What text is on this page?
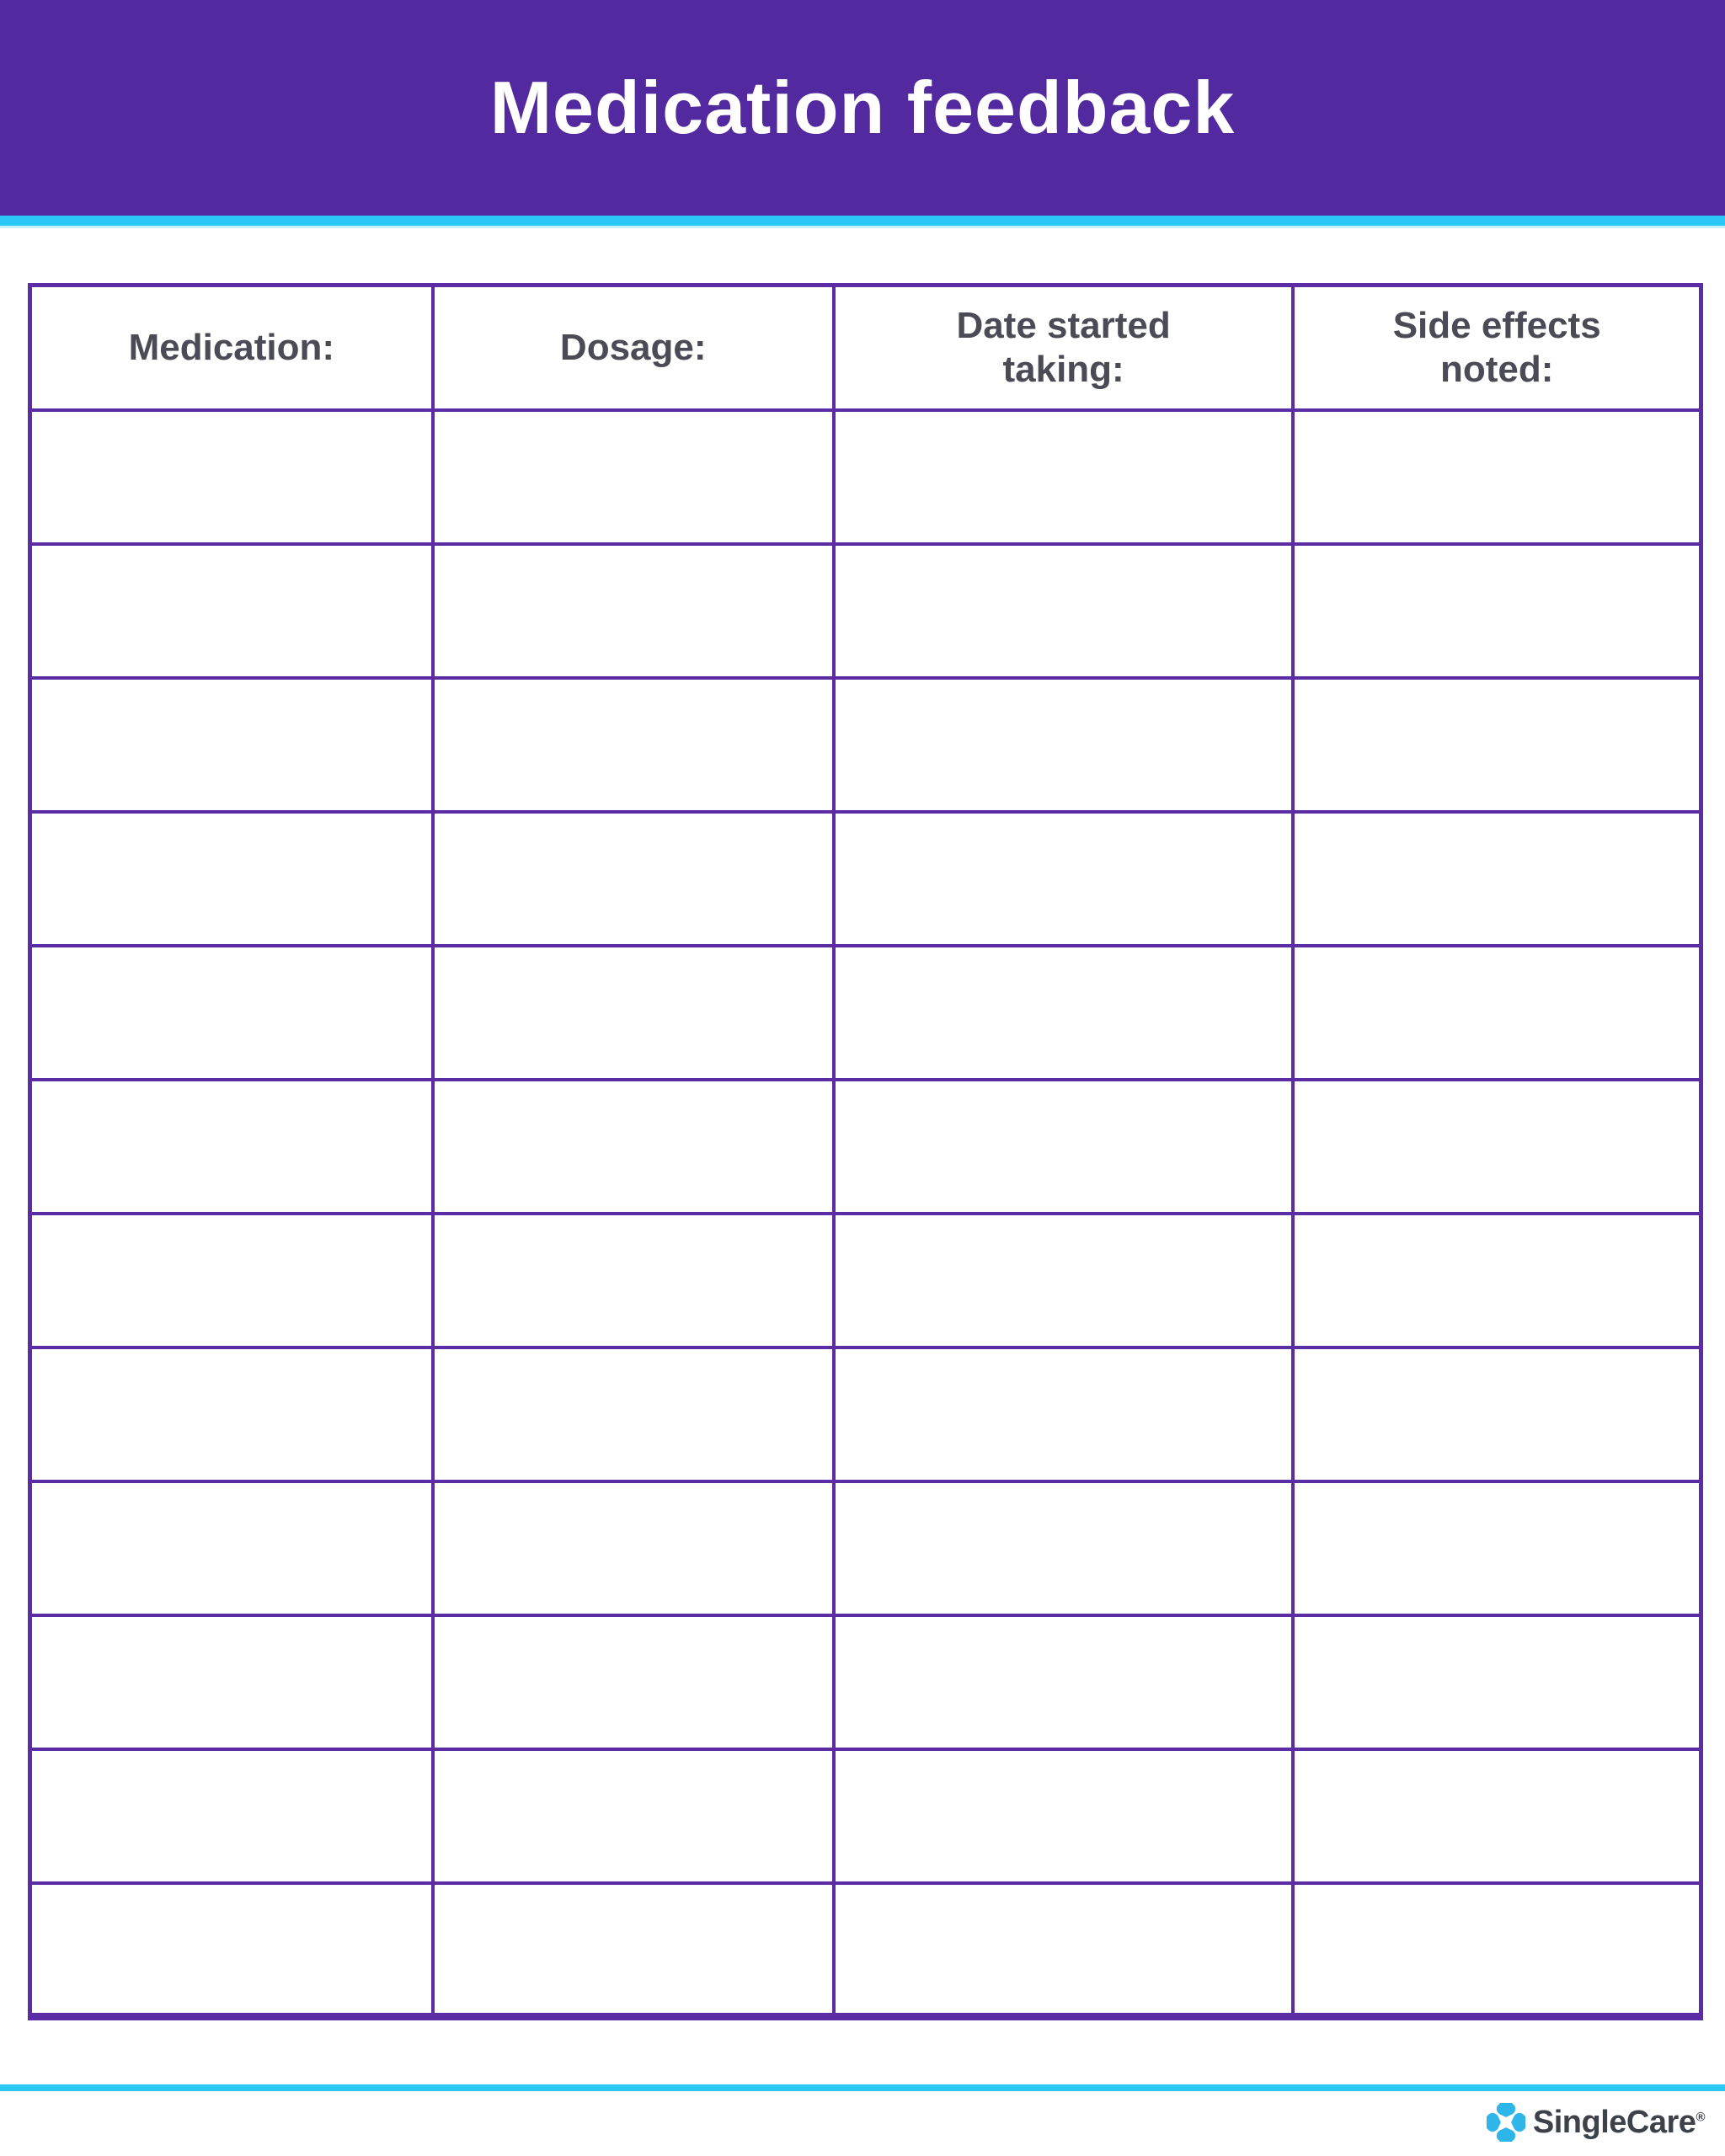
Medication feedback
Medication:	Dosage:	Date started taking:	Side effects noted:

SingleCare®
